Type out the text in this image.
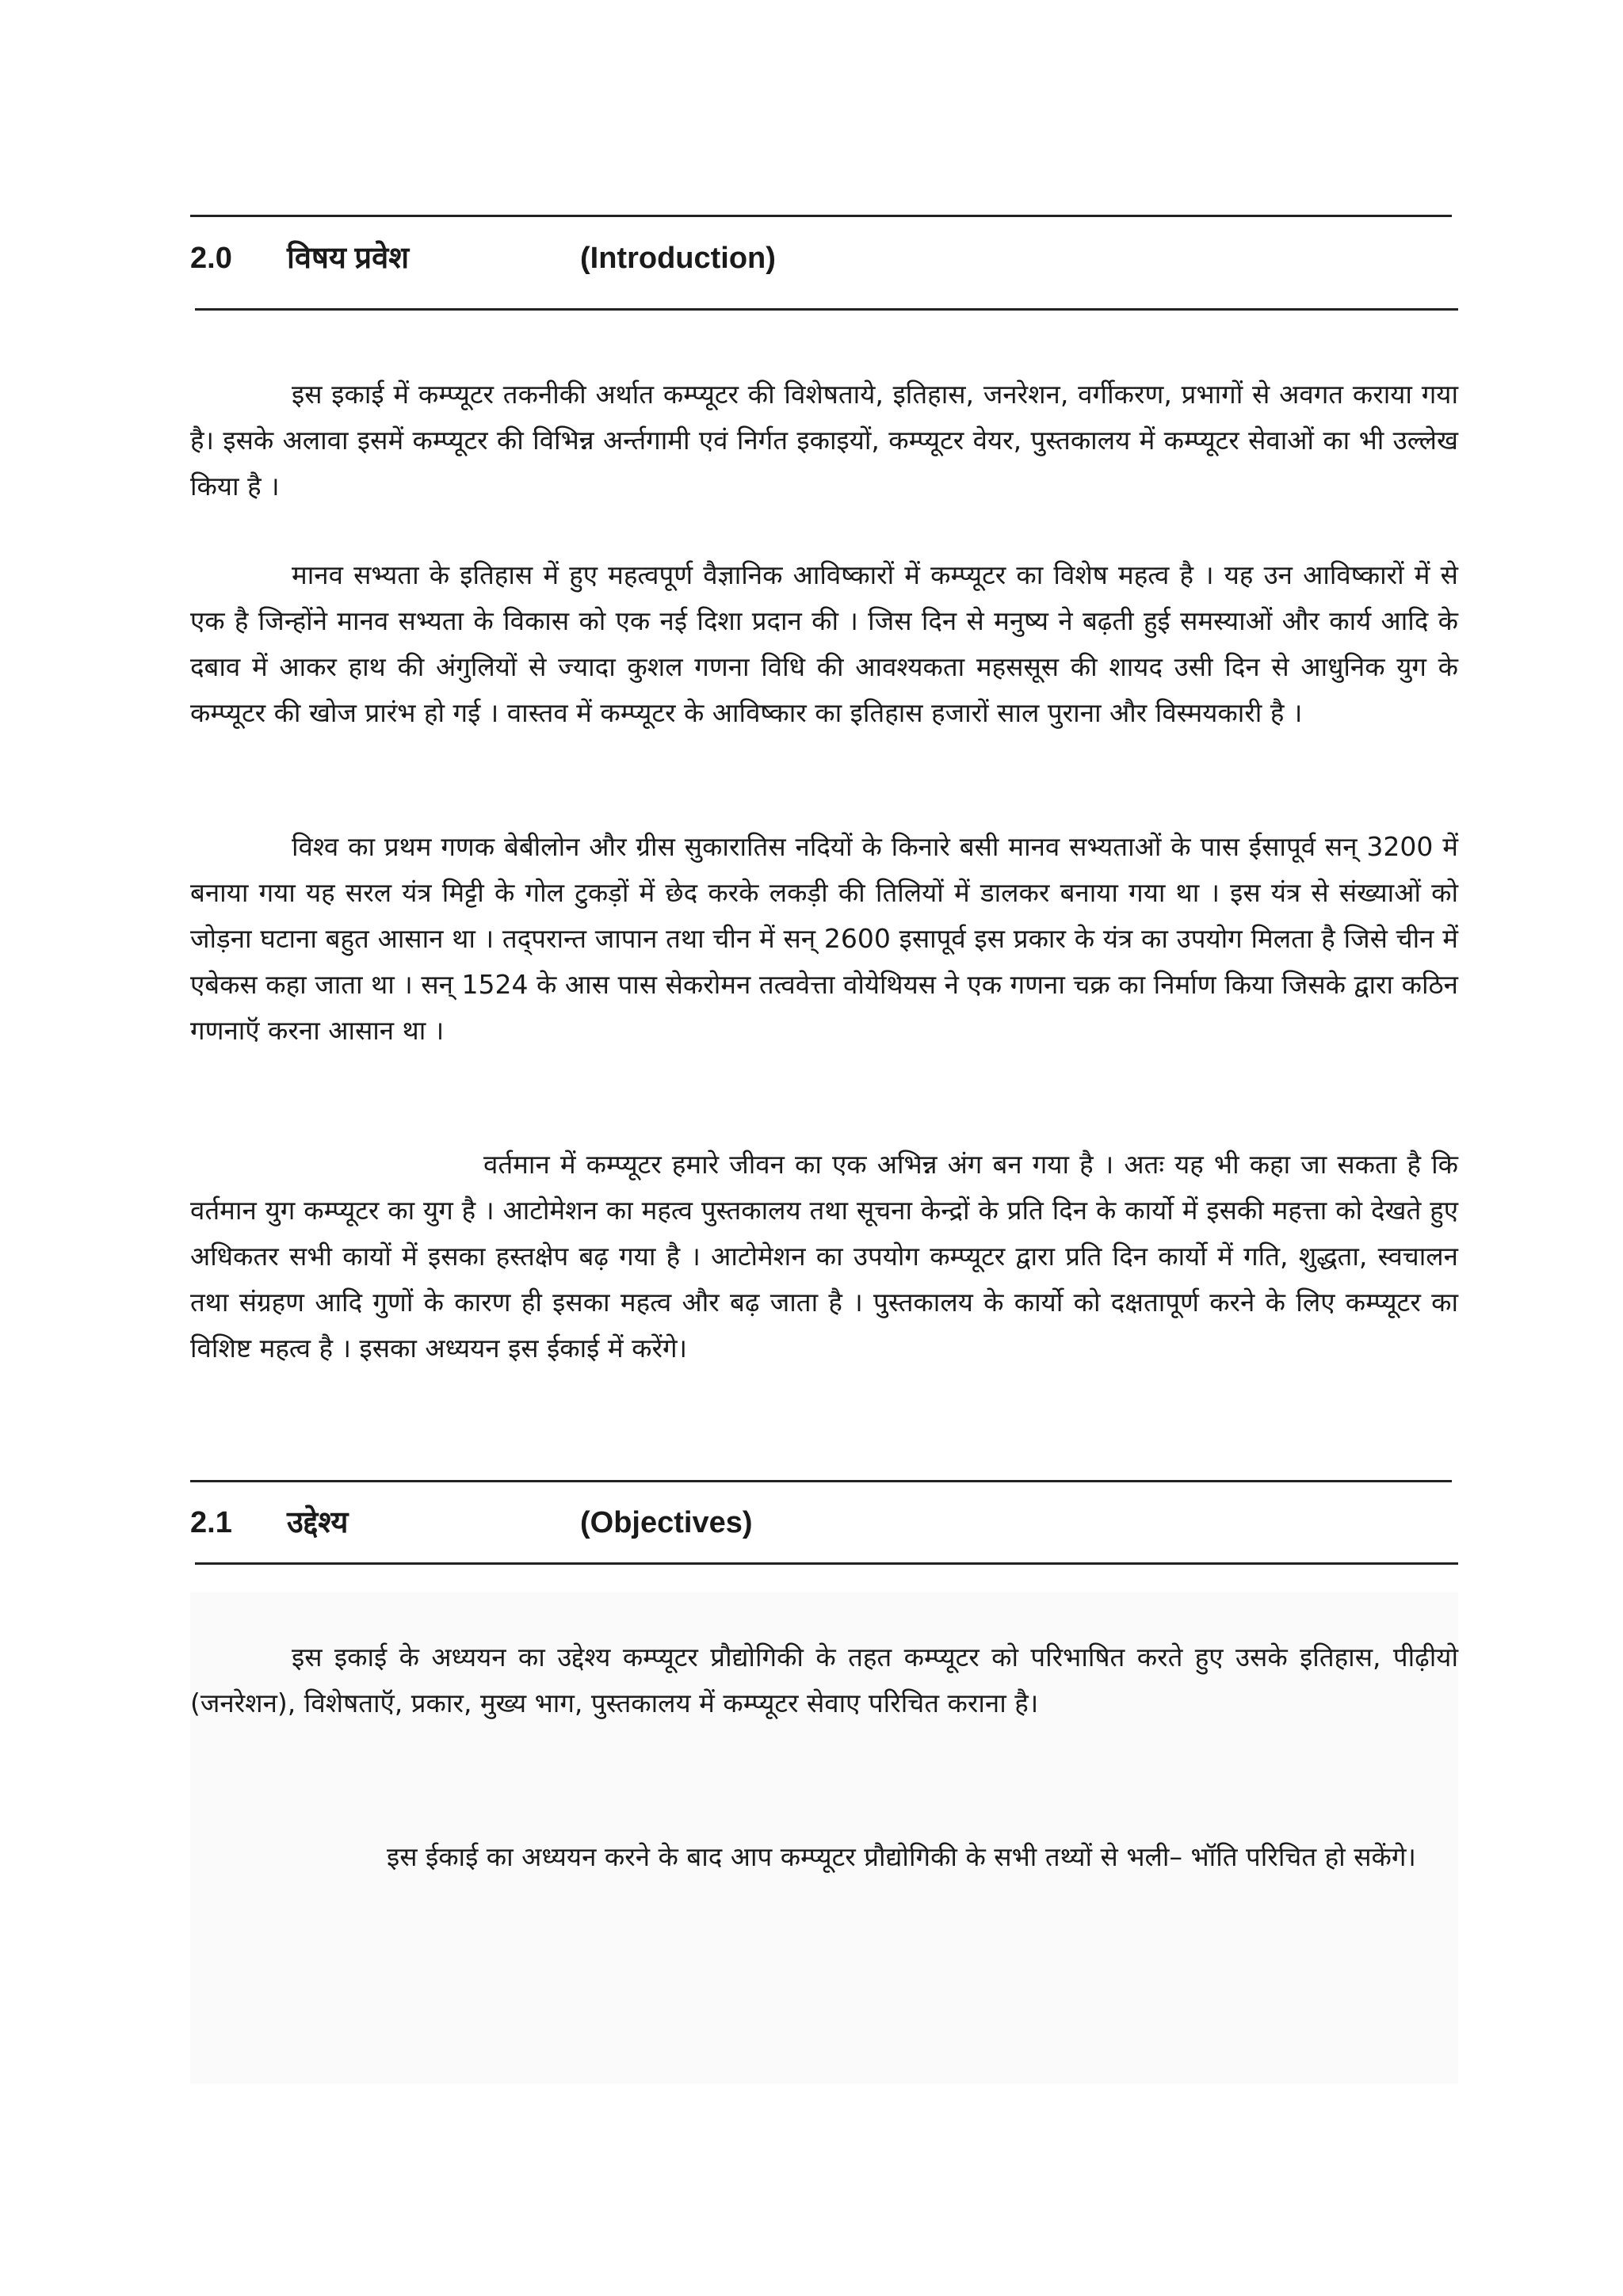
2.0 विषय प्रवेश	(Introduction)

इस इकाई में कम्प्यूटर तकनीकी अर्थात कम्प्यूटर की विशेषताये, इतिहास, जनरेशन, वर्गीकरण, प्रभागों से अवगत कराया गया है। इसके अलावा इसमें कम्प्यूटर की विभिन्न अर्न्तगामी एवं निर्गत इकाइयों, कम्प्यूटर वेयर, पुस्तकालय में कम्प्यूटर सेवाओं का भी उल्लेख किया है ।

मानव सभ्यता के इतिहास में हुए महत्वपूर्ण वैज्ञानिक आविष्कारों में कम्प्यूटर का विशेष महत्व है । यह उन आविष्कारों में से एक है जिन्होंने मानव सभ्यता के विकास को एक नई दिशा प्रदान की । जिस दिन से मनुष्य ने बढ़ती हुई समस्याओं और कार्य आदि के दबाव में आकर हाथ की अंगुलियों से ज्यादा कुशल गणना विधि की आवश्यकता महससूस की शायद उसी दिन से आधुनिक युग के कम्प्यूटर की खोज प्रारंभ हो गई । वास्तव में कम्प्यूटर के आविष्कार का इतिहास हजारों साल पुराना और विस्मयकारी है ।

विश्व का प्रथम गणक बेबीलोन और ग्रीस सुकारातिस नदियों के किनारे बसी मानव सभ्यताओं के पास ईसापूर्व सन् 3200 में बनाया गया यह सरल यंत्र मिट्टी के गोल टुकड़ों में छेद करके लकड़ी की तिलियों में डालकर बनाया गया था । इस यंत्र से संख्याओं को जोड़ना घटाना बहुत आसान था । तद्परान्त जापान तथा चीन में सन् 2600 इसापूर्व इस प्रकार के यंत्र का उपयोग मिलता है जिसे चीन में एबेकस कहा जाता था । सन् 1524 के आस पास सेकरोमन तत्ववेत्ता वोयेथियस ने एक गणना चक्र का निर्माण किया जिसके द्वारा कठिन गणनाऍ करना आसान था ।

वर्तमान में कम्प्यूटर हमारे जीवन का एक अभिन्न अंग बन गया है । अतः यह भी कहा जा सकता है कि वर्तमान युग कम्प्यूटर का युग है । आटोमेशन का महत्व पुस्तकालय तथा सूचना केन्द्रों के प्रति दिन के कार्यो में इसकी महत्ता को देखते हुए अधिकतर सभी कायों में इसका हस्तक्षेप बढ़ गया है । आटोमेशन का उपयोग कम्प्यूटर द्वारा प्रति दिन कार्यो में गति, शुद्धता, स्वचालन तथा संग्रहण आदि गुणों के कारण ही इसका महत्व और बढ़ जाता है । पुस्तकालय के कार्यो को दक्षतापूर्ण करने के लिए कम्प्यूटर का विशिष्ट महत्व है । इसका अध्ययन इस ईकाई में करेंगे।

2.1 उद्देश्य	(Objectives)

इस इकाई के अध्ययन का उद्देश्य कम्प्यूटर प्रौद्योगिकी के तहत कम्प्यूटर को परिभाषित करते हुए उसके इतिहास, पीढ़ीयो (जनरेशन), विशेषताऍ, प्रकार, मुख्य भाग, पुस्तकालय में कम्प्यूटर सेवाए परिचित कराना है।

इस ईकाई का अध्ययन करने के बाद आप कम्प्यूटर प्रौद्योगिकी के सभी तथ्यों से भली– भॉति परिचित हो सकेंगे।
